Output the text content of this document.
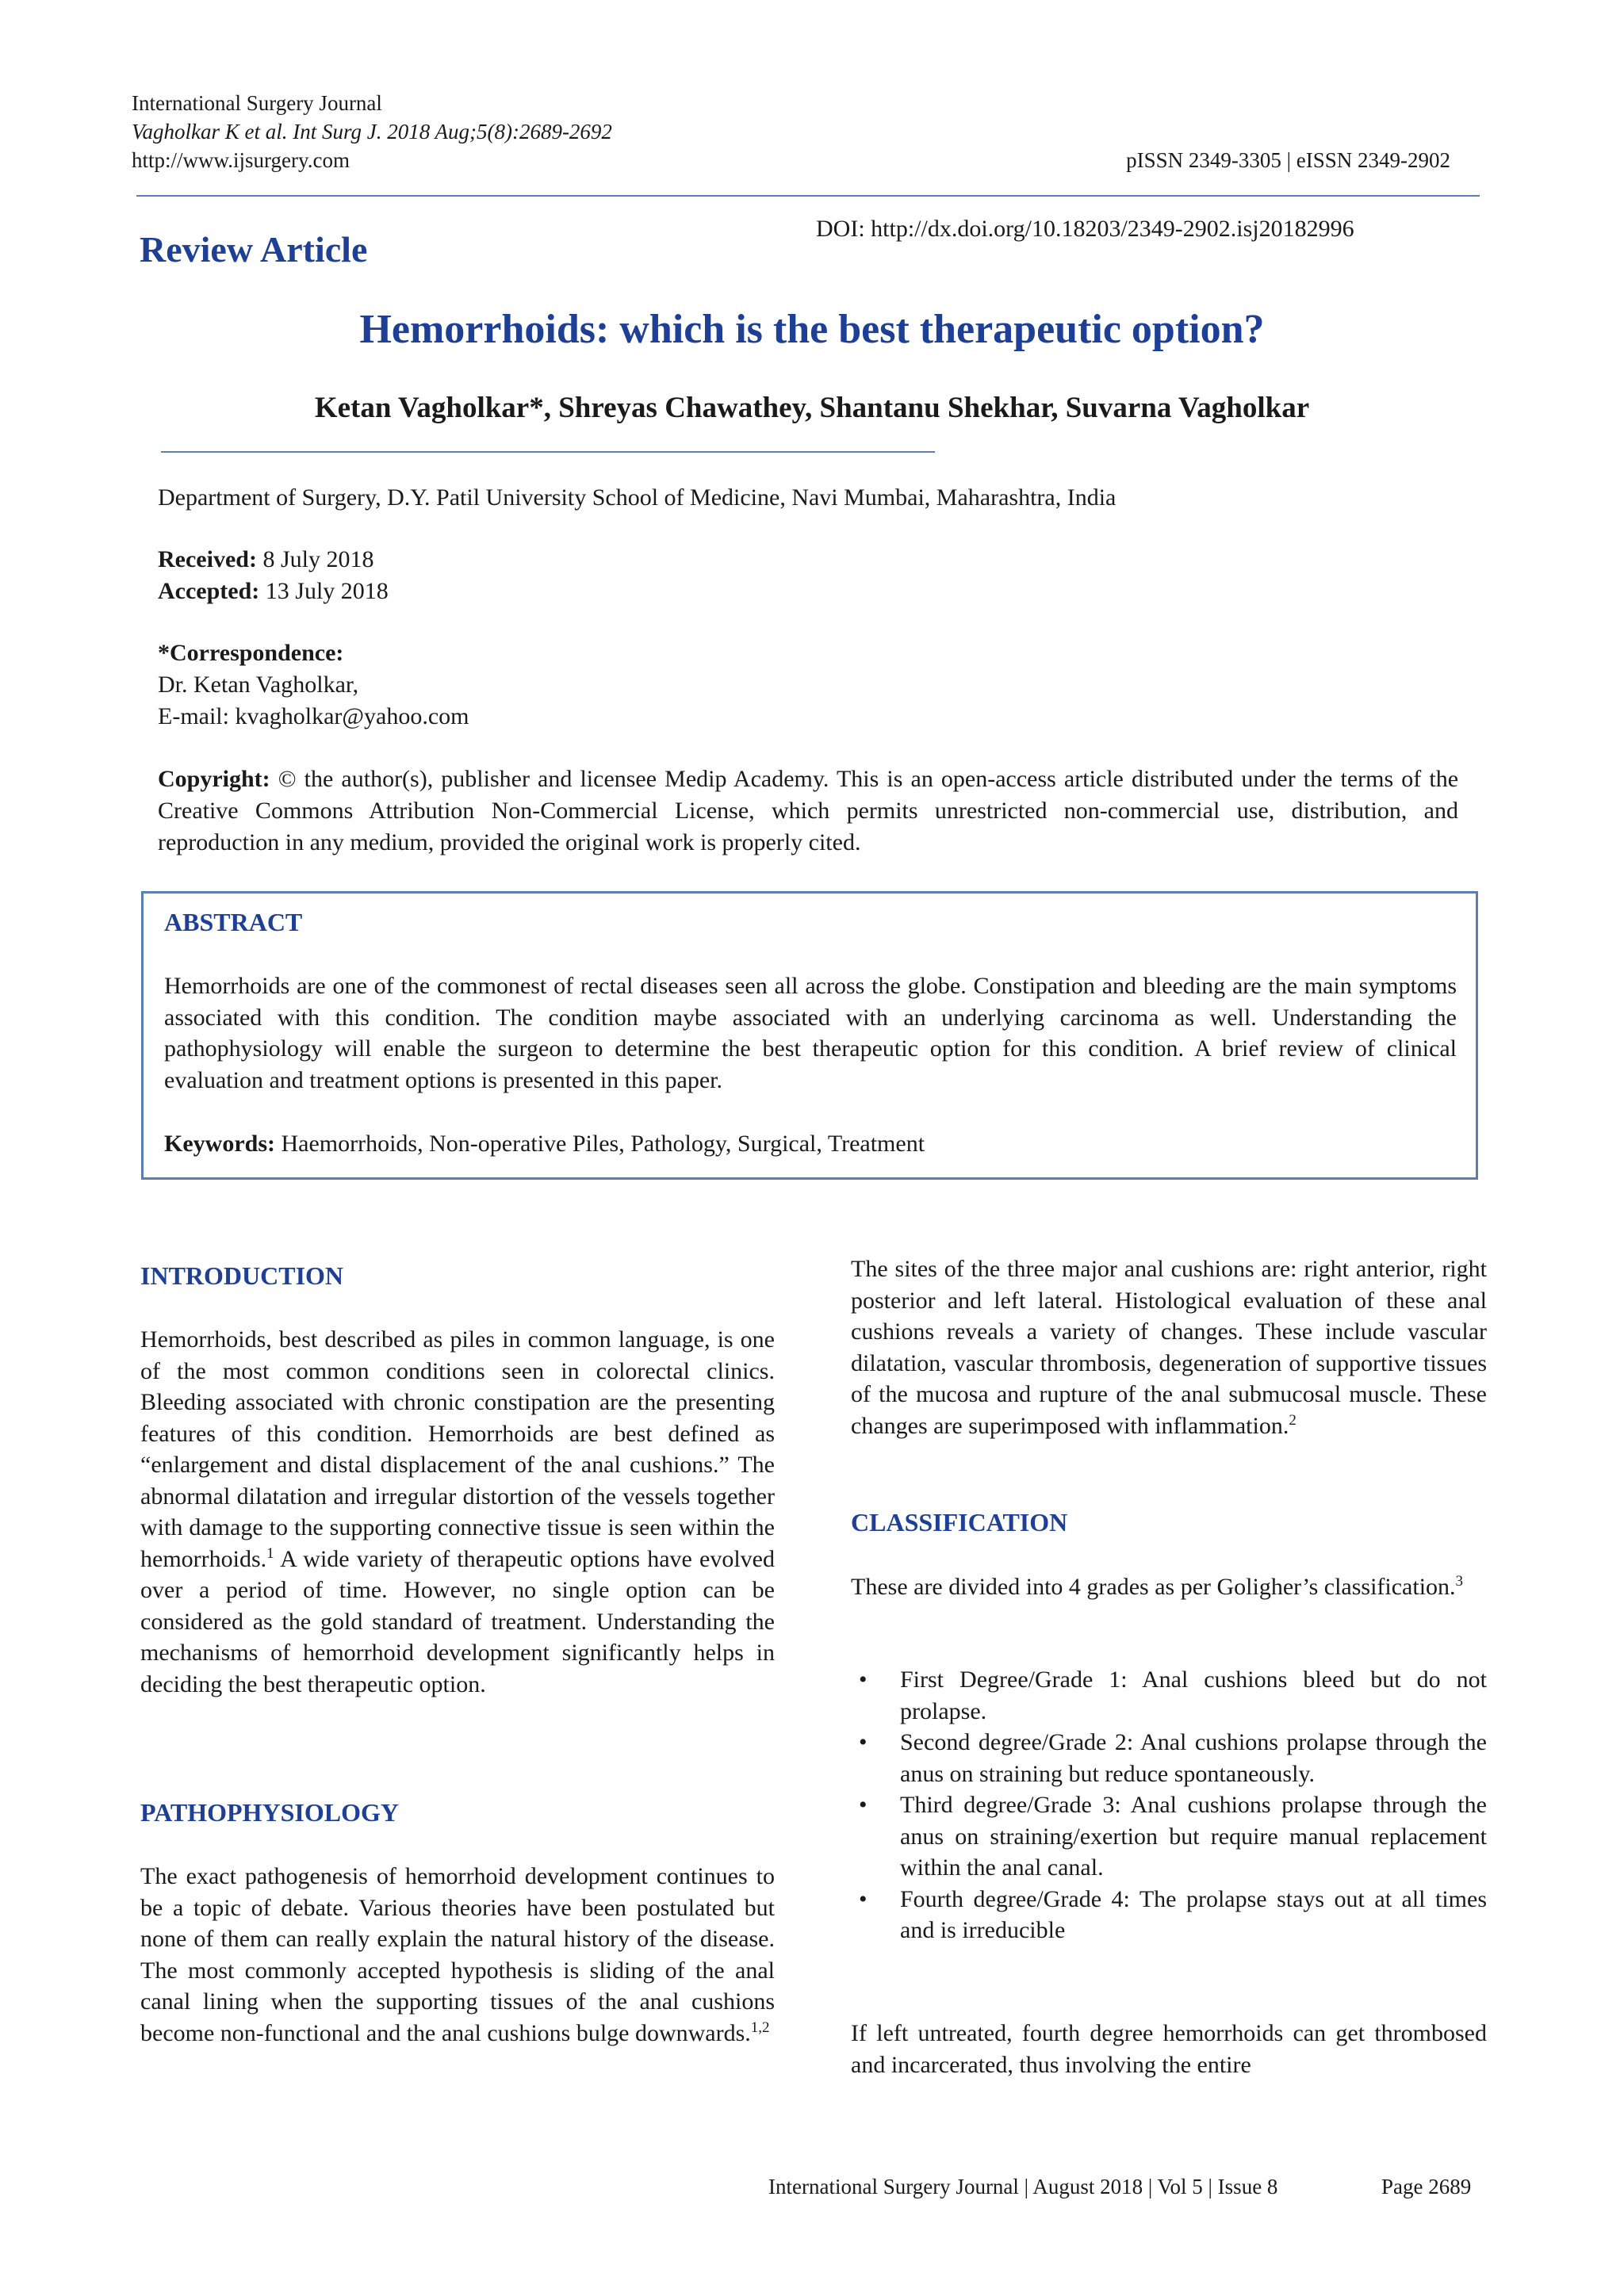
International Surgery Journal
Vagholkar K et al. Int Surg J. 2018 Aug;5(8):2689-2692
http://www.ijsurgery.com	pISSN 2349-3305 | eISSN 2349-2902
Review Article
DOI: http://dx.doi.org/10.18203/2349-2902.isj20182996
Hemorrhoids: which is the best therapeutic option?
Ketan Vagholkar*, Shreyas Chawathey, Shantanu Shekhar, Suvarna Vagholkar
Department of Surgery, D.Y. Patil University School of Medicine, Navi Mumbai, Maharashtra, India
Received: 8 July 2018
Accepted: 13 July 2018
*Correspondence:
Dr. Ketan Vagholkar,
E-mail: kvagholkar@yahoo.com
Copyright: © the author(s), publisher and licensee Medip Academy. This is an open-access article distributed under the terms of the Creative Commons Attribution Non-Commercial License, which permits unrestricted non-commercial use, distribution, and reproduction in any medium, provided the original work is properly cited.
ABSTRACT
Hemorrhoids are one of the commonest of rectal diseases seen all across the globe. Constipation and bleeding are the main symptoms associated with this condition. The condition maybe associated with an underlying carcinoma as well. Understanding the pathophysiology will enable the surgeon to determine the best therapeutic option for this condition. A brief review of clinical evaluation and treatment options is presented in this paper.
Keywords: Haemorrhoids, Non-operative Piles, Pathology, Surgical, Treatment
INTRODUCTION
Hemorrhoids, best described as piles in common language, is one of the most common conditions seen in colorectal clinics. Bleeding associated with chronic constipation are the presenting features of this condition. Hemorrhoids are best defined as “enlargement and distal displacement of the anal cushions.” The abnormal dilatation and irregular distortion of the vessels together with damage to the supporting connective tissue is seen within the hemorrhoids.$^1$ A wide variety of therapeutic options have evolved over a period of time. However, no single option can be considered as the gold standard of treatment. Understanding the mechanisms of hemorrhoid development significantly helps in deciding the best therapeutic option.
PATHOPHYSIOLOGY
The exact pathogenesis of hemorrhoid development continues to be a topic of debate. Various theories have been postulated but none of them can really explain the natural history of the disease. The most commonly accepted hypothesis is sliding of the anal canal lining when the supporting tissues of the anal cushions become non-functional and the anal cushions bulge downwards.$^{1,2}$
The sites of the three major anal cushions are: right anterior, right posterior and left lateral. Histological evaluation of these anal cushions reveals a variety of changes. These include vascular dilatation, vascular thrombosis, degeneration of supportive tissues of the mucosa and rupture of the anal submucosal muscle. These changes are superimposed with inflammation.$^2$
CLASSIFICATION
These are divided into 4 grades as per Goligher’s classification.$^3$
• First Degree/Grade 1: Anal cushions bleed but do not prolapse.
• Second degree/Grade 2: Anal cushions prolapse through the anus on straining but reduce spontaneously.
• Third degree/Grade 3: Anal cushions prolapse through the anus on straining/exertion but require manual replacement within the anal canal.
• Fourth degree/Grade 4: The prolapse stays out at all times and is irreducible
If left untreated, fourth degree hemorrhoids can get thrombosed and incarcerated, thus involving the entire
International Surgery Journal | August 2018 | Vol 5 | Issue 8	Page 2689
